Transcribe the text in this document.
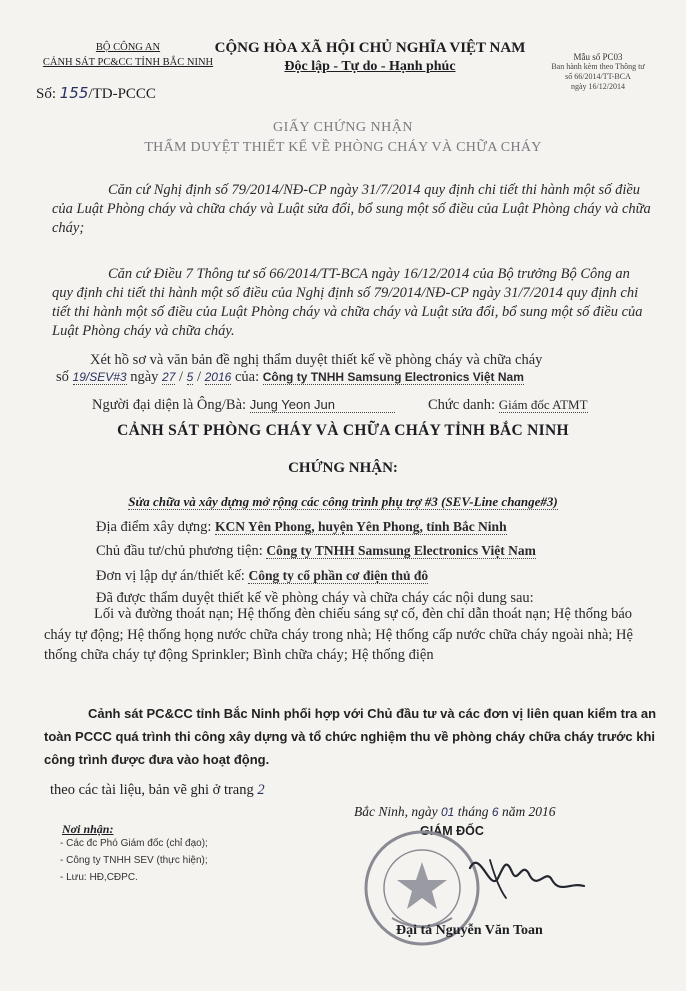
BỘ CÔNG AN
CẢNH SÁT PC&CC TỈNH BẮC NINH
Số: 155/TD-PCCC
CỘNG HÒA XÃ HỘI CHỦ NGHĨA VIỆT NAM
Độc lập - Tự do - Hạnh phúc
Mẫu số PC03
Ban hành kèm theo Thông tư
số 66/2014/TT-BCA
ngày 16/12/2014
GIẤY CHỨNG NHẬN
THẨM DUYỆT THIẾT KẾ VỀ PHÒNG CHÁY VÀ CHỮA CHÁY
Căn cứ Nghị định số 79/2014/NĐ-CP ngày 31/7/2014 quy định chi tiết thi hành một số điều của Luật Phòng cháy và chữa cháy và Luật sửa đổi, bổ sung một số điều của Luật Phòng cháy và chữa cháy;
Căn cứ Điều 7 Thông tư số 66/2014/TT-BCA ngày 16/12/2014 của Bộ trưởng Bộ Công an quy định chi tiết thi hành một số điều của Nghị định số 79/2014/NĐ-CP ngày 31/7/2014 quy định chi tiết thi hành một số điều của Luật Phòng cháy và chữa cháy và Luật sửa đổi, bổ sung một số điều của Luật Phòng cháy và chữa cháy.
Xét hồ sơ và văn bản đề nghị thẩm duyệt thiết kế về phòng cháy và chữa cháy
số 19/SEV#3 ngày 27 / 5 / 2016 của: Công ty TNHH Samsung Electronics Việt Nam
Người đại diện là Ông/Bà: Jung Yeon Jun	Chức danh: Giám đốc ATMT
CẢNH SÁT PHÒNG CHÁY VÀ CHỮA CHÁY TỈNH BẮC NINH
CHỨNG NHẬN:
Sửa chữa và xây dựng mở rộng các công trình phụ trợ #3 (SEV-Line change#3)
Địa điểm xây dựng: KCN Yên Phong, huyện Yên Phong, tỉnh Bắc Ninh
Chủ đầu tư/chủ phương tiện: Công ty TNHH Samsung Electronics Việt Nam
Đơn vị lập dự án/thiết kế: Công ty cổ phần cơ điện thủ đô
Đã được thẩm duyệt thiết kế về phòng cháy và chữa cháy các nội dung sau:
Lối và đường thoát nạn; Hệ thống đèn chiếu sáng sự cố, đèn chỉ dẫn thoát nạn; Hệ thống báo cháy tự động; Hệ thống họng nước chữa cháy trong nhà; Hệ thống cấp nước chữa cháy ngoài nhà; Hệ thống chữa cháy tự động Sprinkler; Bình chữa cháy; Hệ thống điện
Cảnh sát PC&CC tỉnh Bắc Ninh phối hợp với Chủ đầu tư và các đơn vị liên quan kiểm tra an toàn PCCC quá trình thi công xây dựng và tổ chức nghiệm thu về phòng cháy chữa cháy trước khi công trình được đưa vào hoạt động.
theo các tài liệu, bản vẽ ghi ở trang 2
Bắc Ninh, ngày 01 tháng 6 năm 2016
GIÁM ĐỐC
Nơi nhận:
- Các đc Phó Giám đốc (chỉ đạo);
- Công ty TNHH SEV (thực hiện);
- Lưu: HĐ,CĐPC.
Đại tá Nguyễn Văn Toan
